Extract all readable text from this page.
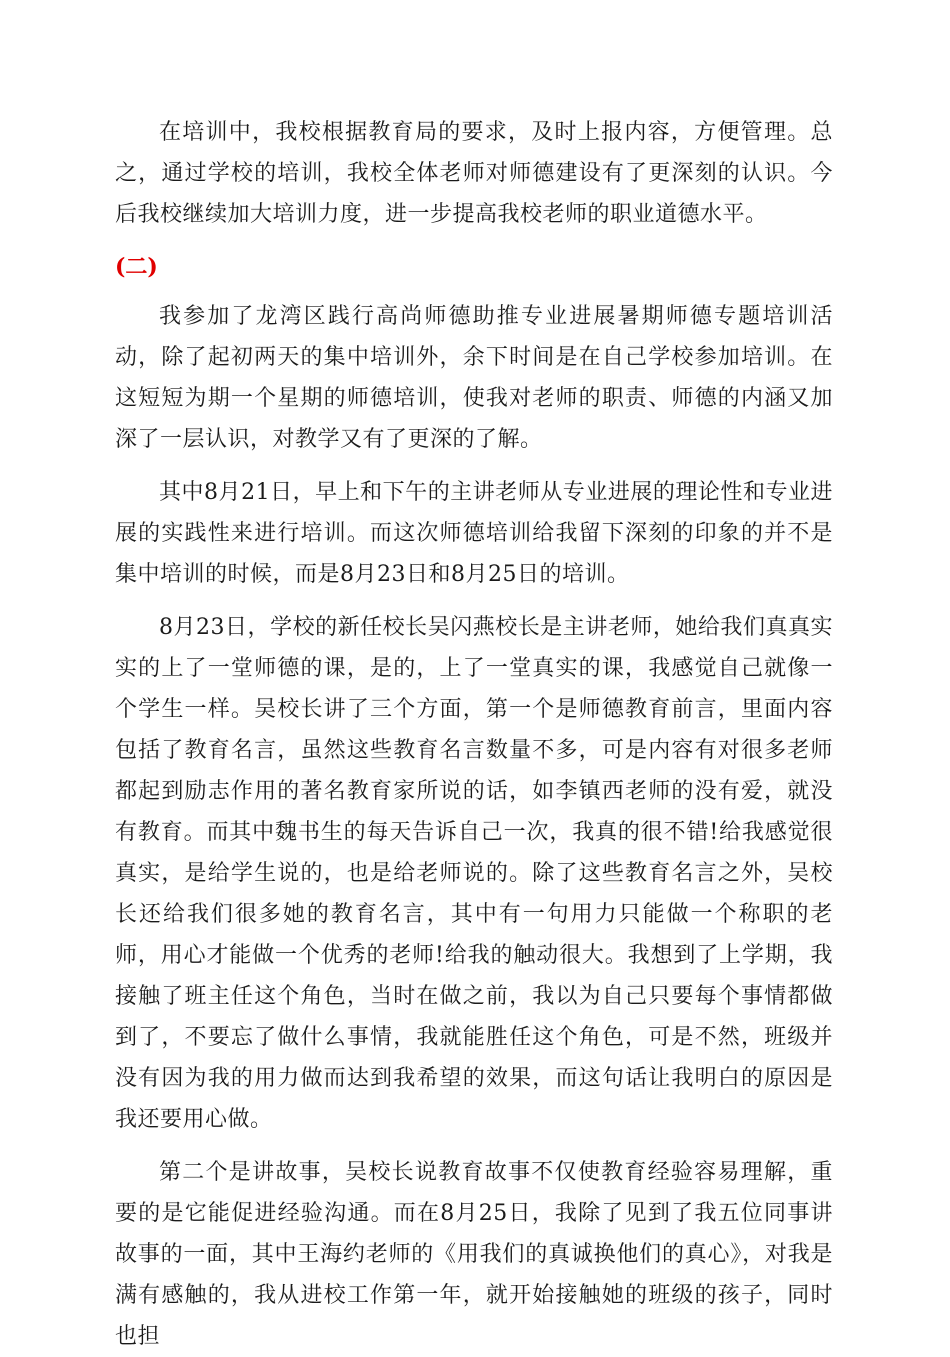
在培训中，我校根据教育局的要求，及时上报内容，方便管理。总之，通过学校的培训，我校全体老师对师德建设有了更深刻的认识。今后我校继续加大培训力度，进一步提高我校老师的职业道德水平。

(二)

我参加了龙湾区践行高尚师德助推专业进展暑期师德专题培训活动，除了起初两天的集中培训外，余下时间是在自己学校参加培训。在这短短为期一个星期的师德培训，使我对老师的职责、师德的内涵又加深了一层认识，对教学又有了更深的了解。

其中8月21日，早上和下午的主讲老师从专业进展的理论性和专业进展的实践性来进行培训。而这次师德培训给我留下深刻的印象的并不是集中培训的时候，而是8月23日和8月25日的培训。

8月23日，学校的新任校长吴闪燕校长是主讲老师，她给我们真真实实的上了一堂师德的课，是的，上了一堂真实的课，我感觉自己就像一个学生一样。吴校长讲了三个方面，第一个是师德教育前言，里面内容包括了教育名言，虽然这些教育名言数量不多，可是内容有对很多老师都起到励志作用的著名教育家所说的话，如李镇西老师的没有爱，就没有教育。而其中魏书生的每天告诉自己一次，我真的很不错!给我感觉很真实，是给学生说的，也是给老师说的。除了这些教育名言之外，吴校长还给我们很多她的教育名言，其中有一句用力只能做一个称职的老师，用心才能做一个优秀的老师!给我的触动很大。我想到了上学期，我接触了班主任这个角色，当时在做之前，我以为自己只要每个事情都做到了，不要忘了做什么事情，我就能胜任这个角色，可是不然，班级并没有因为我的用力做而达到我希望的效果，而这句话让我明白的原因是我还要用心做。

第二个是讲故事，吴校长说教育故事不仅使教育经验容易理解，重要的是它能促进经验沟通。而在8月25日，我除了见到了我五位同事讲故事的一面，其中王海约老师的《用我们的真诚换他们的真心》，对我是满有感触的，我从进校工作第一年，就开始接触她的班级的孩子，同时也担
